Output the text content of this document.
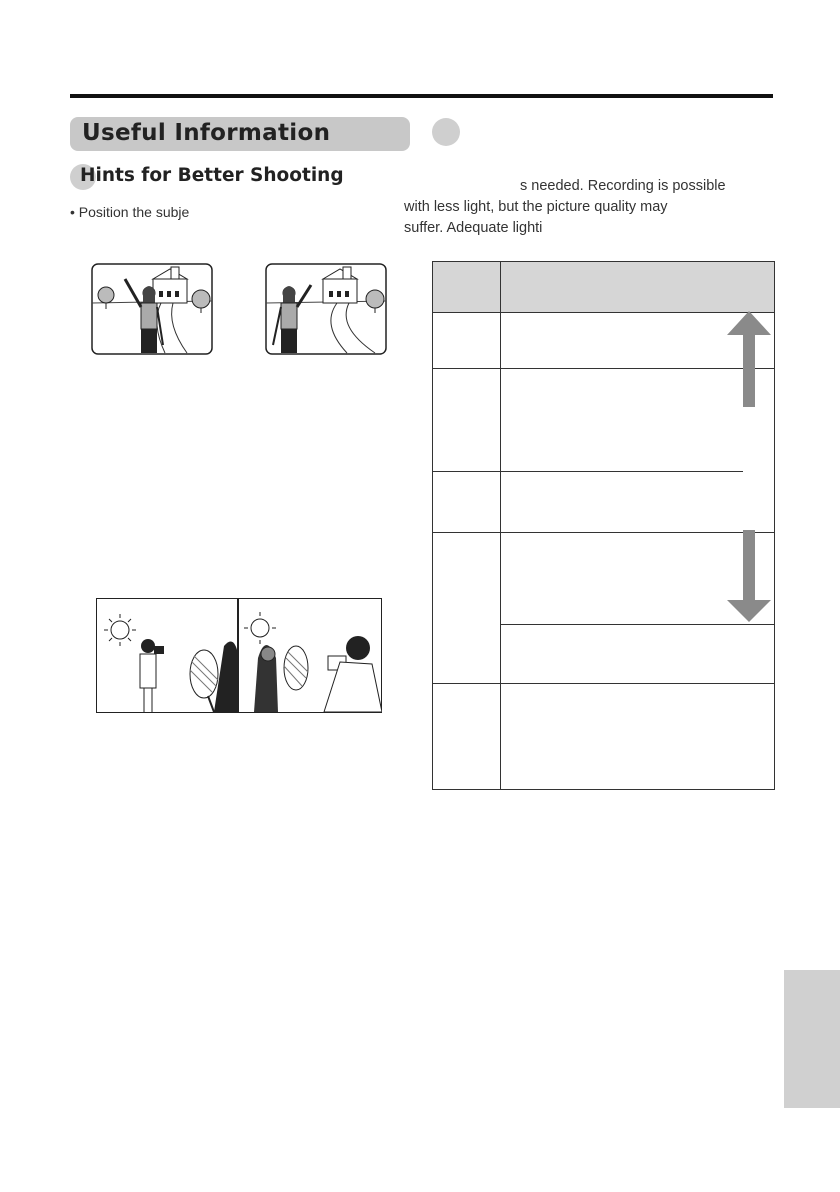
Useful Information
Hints for Better Shooting
• Position the subje
s needed. Recording is possible
with less light, but the picture quality may
suffer. Adequate lighti
